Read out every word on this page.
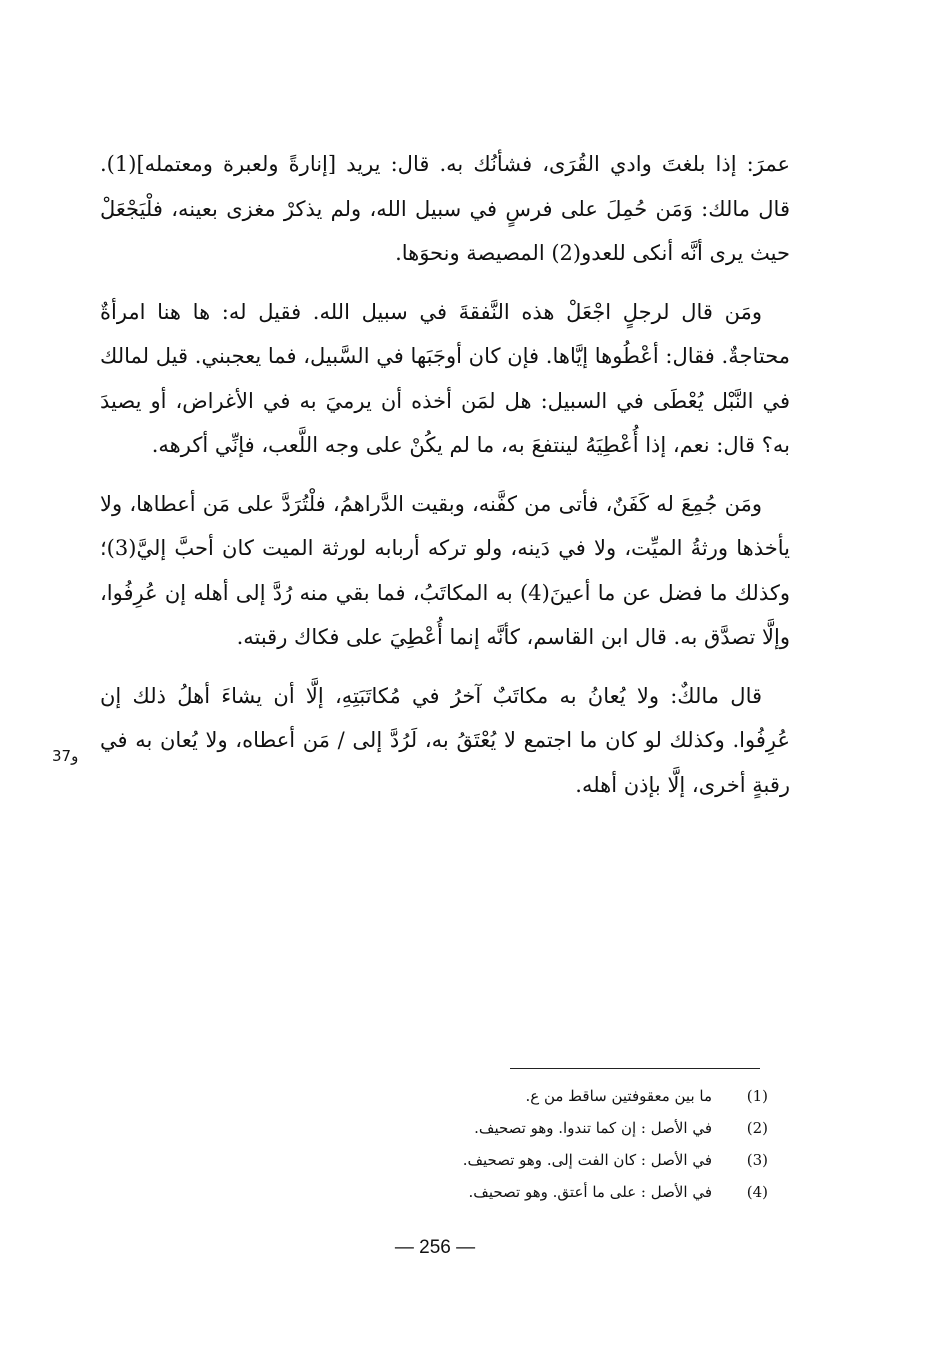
عمرَ: إذا بلغتَ وادي القُرَى، فشأنُك به. قال: يريد [إنارةً ولعبرة ومعتمله](1). قال مالك: وَمَن حُمِلَ على فرسٍ في سبيل الله، ولم يذكرْ مغزى بعينه، فلْيَجْعَلْ حيث يرى أنَّه أنكى للعدو(2) المصيصة ونحوَها.

ومَن قال لرجلٍ اجْعَلْ هذه النَّفقةَ في سبيل الله. فقيل له: ها هنا امرأةٌ محتاجةٌ. فقال: أعْطُوها إيَّاها. فإن كان أوجَبَها في السَّبيل، فما يعجبني. قيل لمالك في النَّبْل يُعْطَى في السبيل: هل لمَن أخذه أن يرميَ به في الأغراض، أو يصيدَ به؟ قال: نعم، إذا أُعْطِيَهُ لينتفعَ به، ما لم يكُنْ على وجه اللَّعب، فإنِّي أكرهه.

ومَن جُمِعَ له كَفَنٌ، فأتى من كفَّنه، وبقيت الدَّراهمُ، فلْتُرَدَّ على مَن أعطاها، ولا يأخذها ورثةُ الميِّت، ولا في دَينه، ولو تركه أربابه لورثة الميت كان أحبَّ إليَّ(3)؛ وكذلك ما فضل عن ما أعينَ(4) به المكاتَبُ، فما بقي منه رُدَّ إلى أهله إن عُرِفُوا، وإلَّا تصدَّق به. قال ابن القاسم، كأنَّه إنما أُعْطِيَ على فكاك رقبته.

قال مالكٌ: ولا يُعانُ به مكاتَبٌ آخرُ في مُكاتَبَتِهِ، إلَّا أن يشاءَ أهلُ ذلك إن عُرِفُوا. وكذلك لو كان ما اجتمع لا يُعْتَقُ به، لَرُدَّ إلى / مَن أعطاه، ولا يُعان به في رقبةٍ أخرى، إلَّا بإذن أهله.

37و
(1)
ما بين معقوفتين ساقط من ع.
(2)
في الأصل : إن كما تندوا. وهو تصحيف.
(3)
في الأصل : كان الفت إلى. وهو تصحيف.
(4)
في الأصل : على ما أعتق. وهو تصحيف.
— 256 —
